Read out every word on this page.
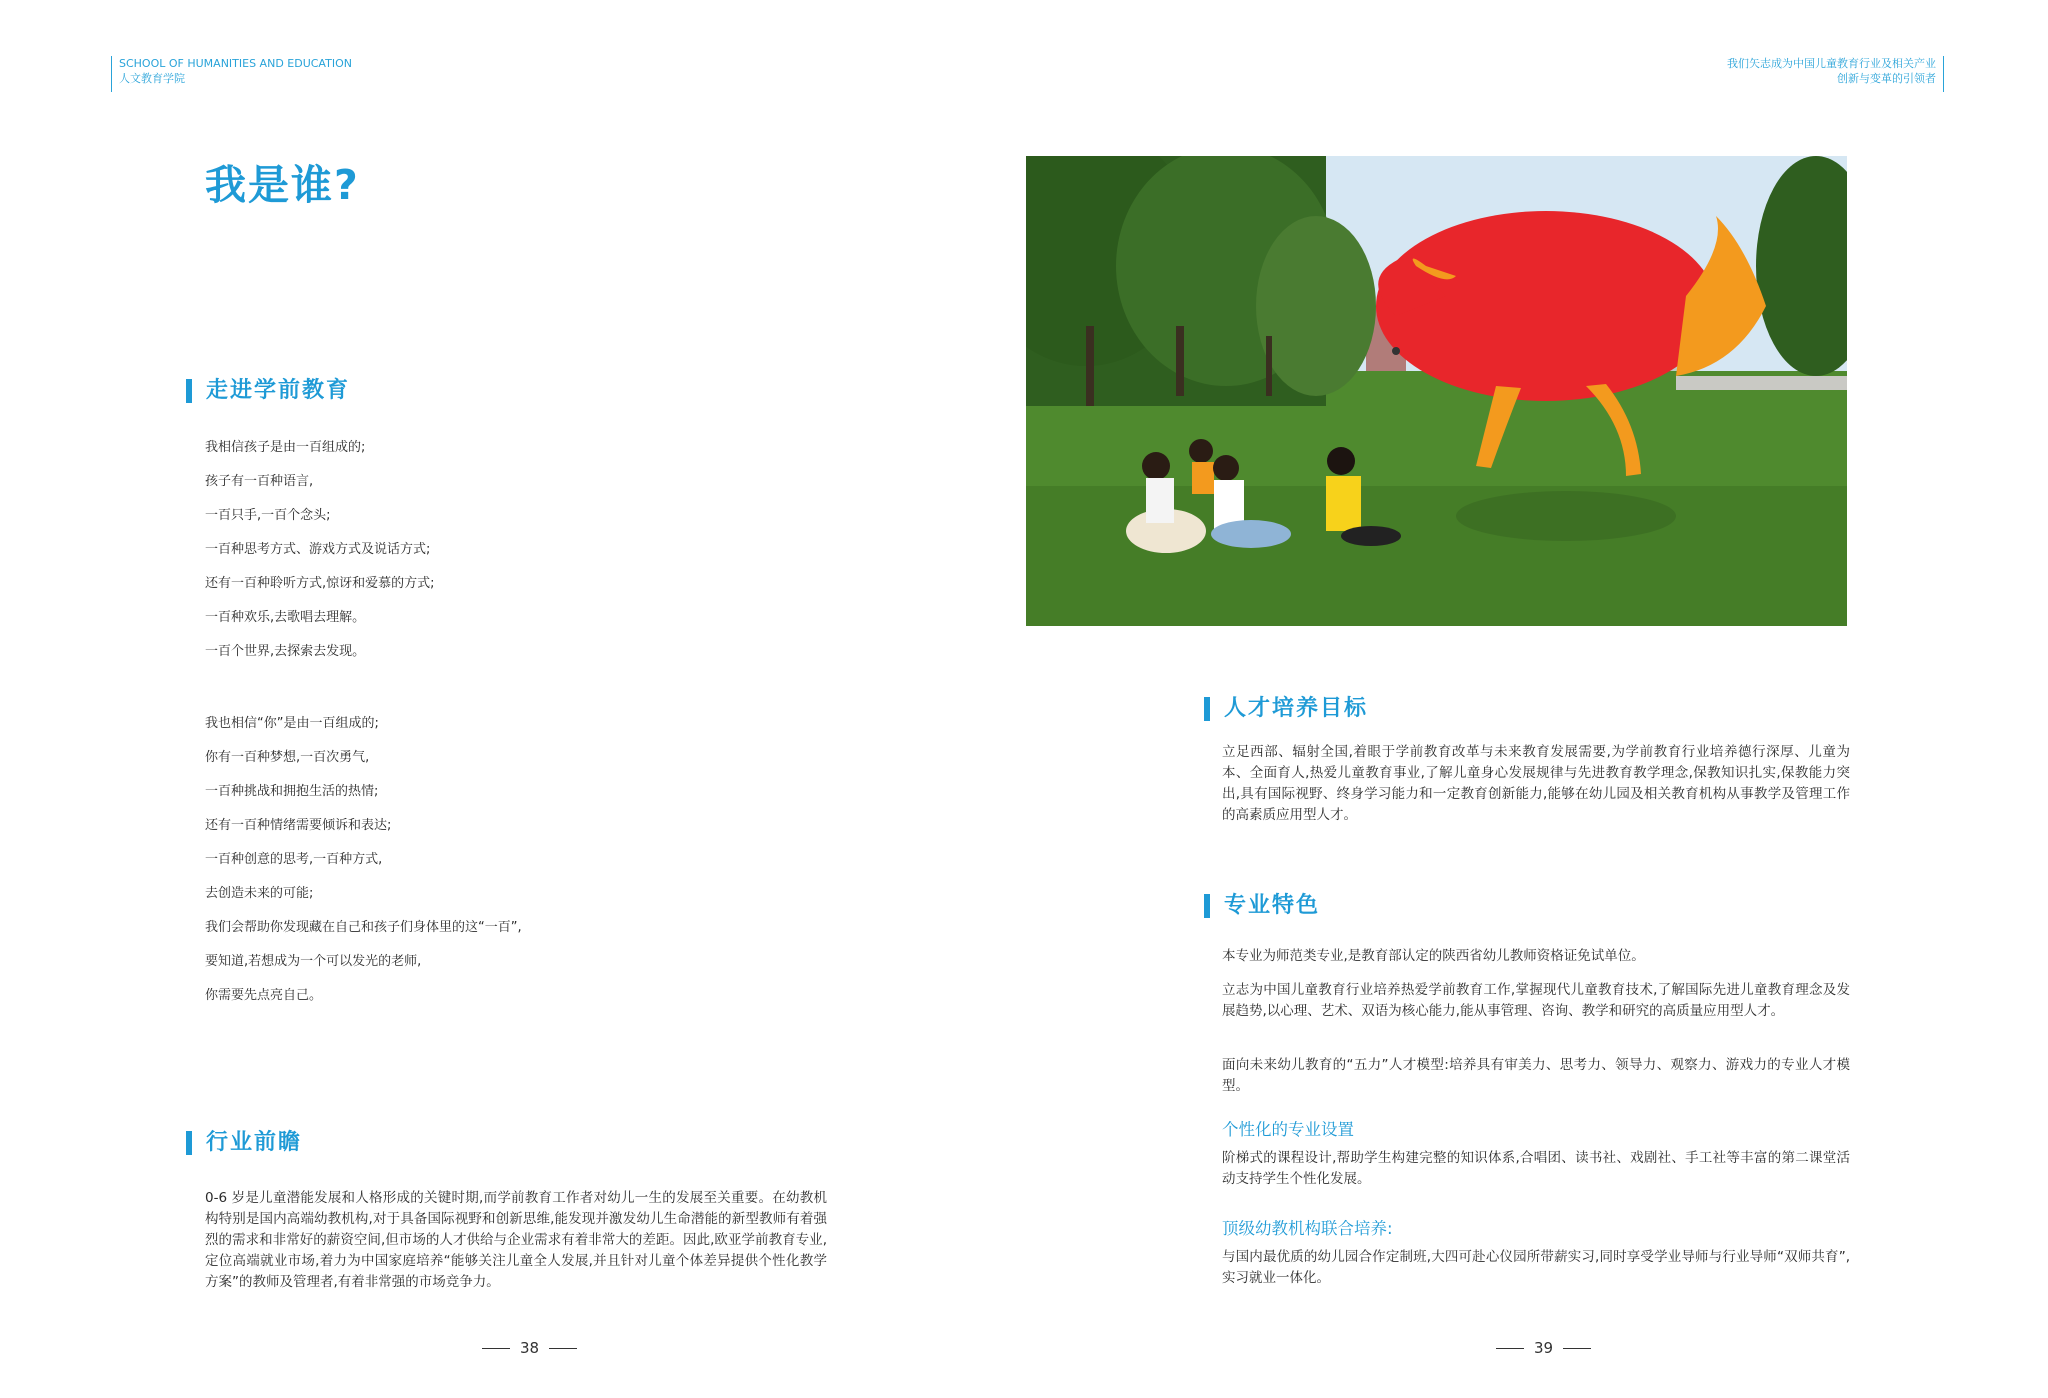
SCHOOL OF HUMANITIES AND EDUCATION
人文教育学院
我们矢志成为中国儿童教育行业及相关产业
创新与变革的引领者
我是谁?
走进学前教育
我相信孩子是由一百组成的;
孩子有一百种语言,
一百只手,一百个念头;
一百种思考方式、游戏方式及说话方式;
还有一百种聆听方式,惊讶和爱慕的方式;
一百种欢乐,去歌唱去理解。
一百个世界,去探索去发现。
我也相信“你”是由一百组成的;
你有一百种梦想,一百次勇气,
一百种挑战和拥抱生活的热情;
还有一百种情绪需要倾诉和表达;
一百种创意的思考,一百种方式,
去创造未来的可能;
我们会帮助你发现藏在自己和孩子们身体里的这“一百”,
要知道,若想成为一个可以发光的老师,
你需要先点亮自己。
行业前瞻
0-6 岁是儿童潜能发展和人格形成的关键时期,而学前教育工作者对幼儿一生的发展至关重要。在幼教机构特别是国内高端幼教机构,对于具备国际视野和创新思维,能发现并激发幼儿生命潜能的新型教师有着强烈的需求和非常好的薪资空间,但市场的人才供给与企业需求有着非常大的差距。因此,欧亚学前教育专业,定位高端就业市场,着力为中国家庭培养“能够关注儿童全人发展,并且针对儿童个体差异提供个性化教学方案”的教师及管理者,有着非常强的市场竞争力。
38
人才培养目标
立足西部、辐射全国,着眼于学前教育改革与未来教育发展需要,为学前教育行业培养德行深厚、儿童为本、全面育人,热爱儿童教育事业,了解儿童身心发展规律与先进教育教学理念,保教知识扎实,保教能力突出,具有国际视野、终身学习能力和一定教育创新能力,能够在幼儿园及相关教育机构从事教学及管理工作的高素质应用型人才。
专业特色
本专业为师范类专业,是教育部认定的陕西省幼儿教师资格证免试单位。
立志为中国儿童教育行业培养热爱学前教育工作,掌握现代儿童教育技术,了解国际先进儿童教育理念及发展趋势,以心理、艺术、双语为核心能力,能从事管理、咨询、教学和研究的高质量应用型人才。
面向未来幼儿教育的“五力”人才模型:培养具有审美力、思考力、领导力、观察力、游戏力的专业人才模型。
个性化的专业设置
阶梯式的课程设计,帮助学生构建完整的知识体系,合唱团、读书社、戏剧社、手工社等丰富的第二课堂活动支持学生个性化发展。
顶级幼教机构联合培养:
与国内最优质的幼儿园合作定制班,大四可赴心仪园所带薪实习,同时享受学业导师与行业导师“双师共育”,实习就业一体化。
39
